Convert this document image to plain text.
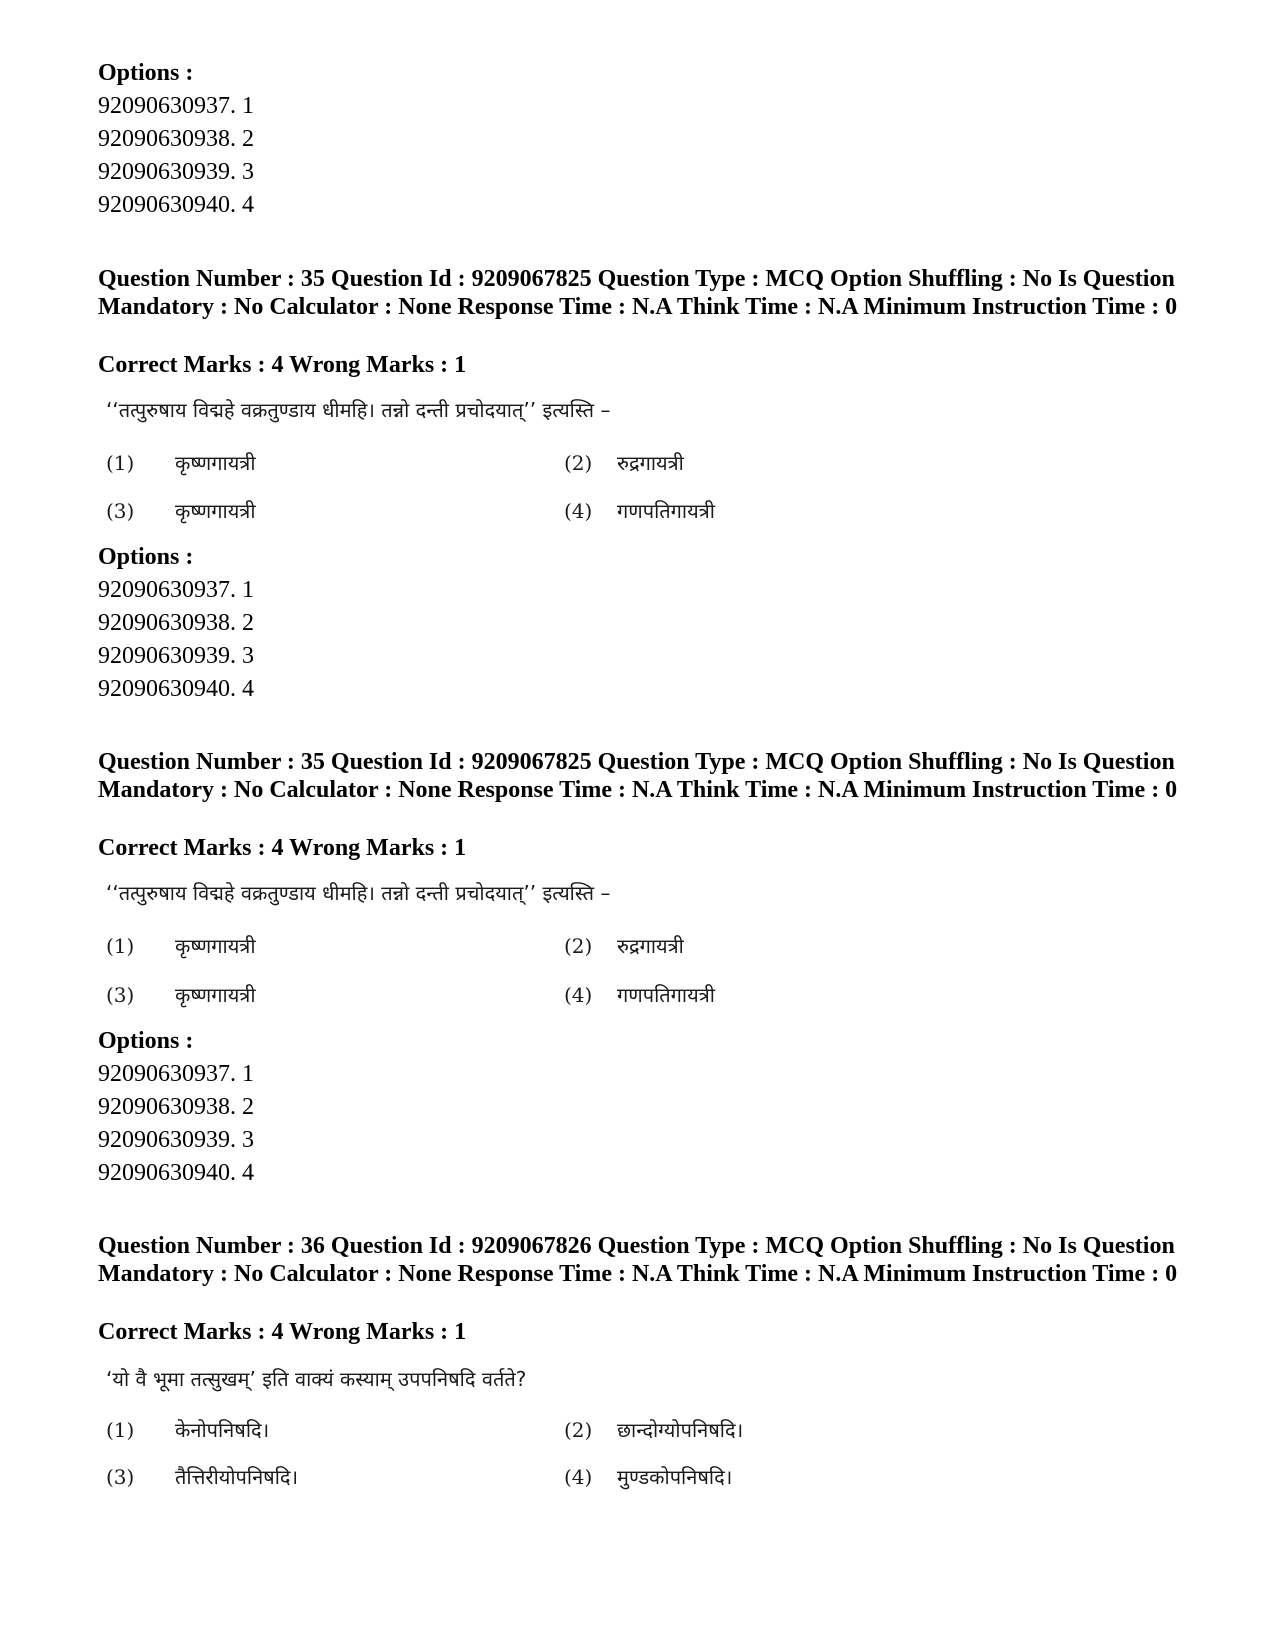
Options :

92090630937. 1

92090630938. 2

92090630939. 3

92090630940. 4

Question Number : 35 Question Id : 9209067825 Question Type : MCQ Option Shuffling : No Is Question Mandatory : No Calculator : None Response Time : N.A Think Time : N.A Minimum Instruction Time : 0

Correct Marks : 4 Wrong Marks : 1

‘‘तत्पुरुषाय विद्महे वक्रतुण्डाय धीमहि। तन्नो दन्ती प्रचोदयात्’’ इत्यस्ति –

(1) कृष्णगायत्री	(2) रुद्रगायत्री
(3) कृष्णगायत्री	(4) गणपतिगायत्री

Options :

92090630937. 1

92090630938. 2

92090630939. 3

92090630940. 4

Question Number : 35 Question Id : 9209067825 Question Type : MCQ Option Shuffling : No Is Question Mandatory : No Calculator : None Response Time : N.A Think Time : N.A Minimum Instruction Time : 0

Correct Marks : 4 Wrong Marks : 1

‘‘तत्पुरुषाय विद्महे वक्रतुण्डाय धीमहि। तन्नो दन्ती प्रचोदयात्’’ इत्यस्ति –

(1) कृष्णगायत्री	(2) रुद्रगायत्री
(3) कृष्णगायत्री	(4) गणपतिगायत्री

Options :

92090630937. 1

92090630938. 2

92090630939. 3

92090630940. 4

Question Number : 36 Question Id : 9209067826 Question Type : MCQ Option Shuffling : No Is Question Mandatory : No Calculator : None Response Time : N.A Think Time : N.A Minimum Instruction Time : 0

Correct Marks : 4 Wrong Marks : 1

‘यो वै भूमा तत्सुखम्’ इति वाक्यं कस्याम् उपपनिषदि वर्तते?

(1) केनोपनिषदि।	(2) छान्दोग्योपनिषदि।
(3) तैत्तिरीयोपनिषदि।	(4) मुण्डकोपनिषदि।
